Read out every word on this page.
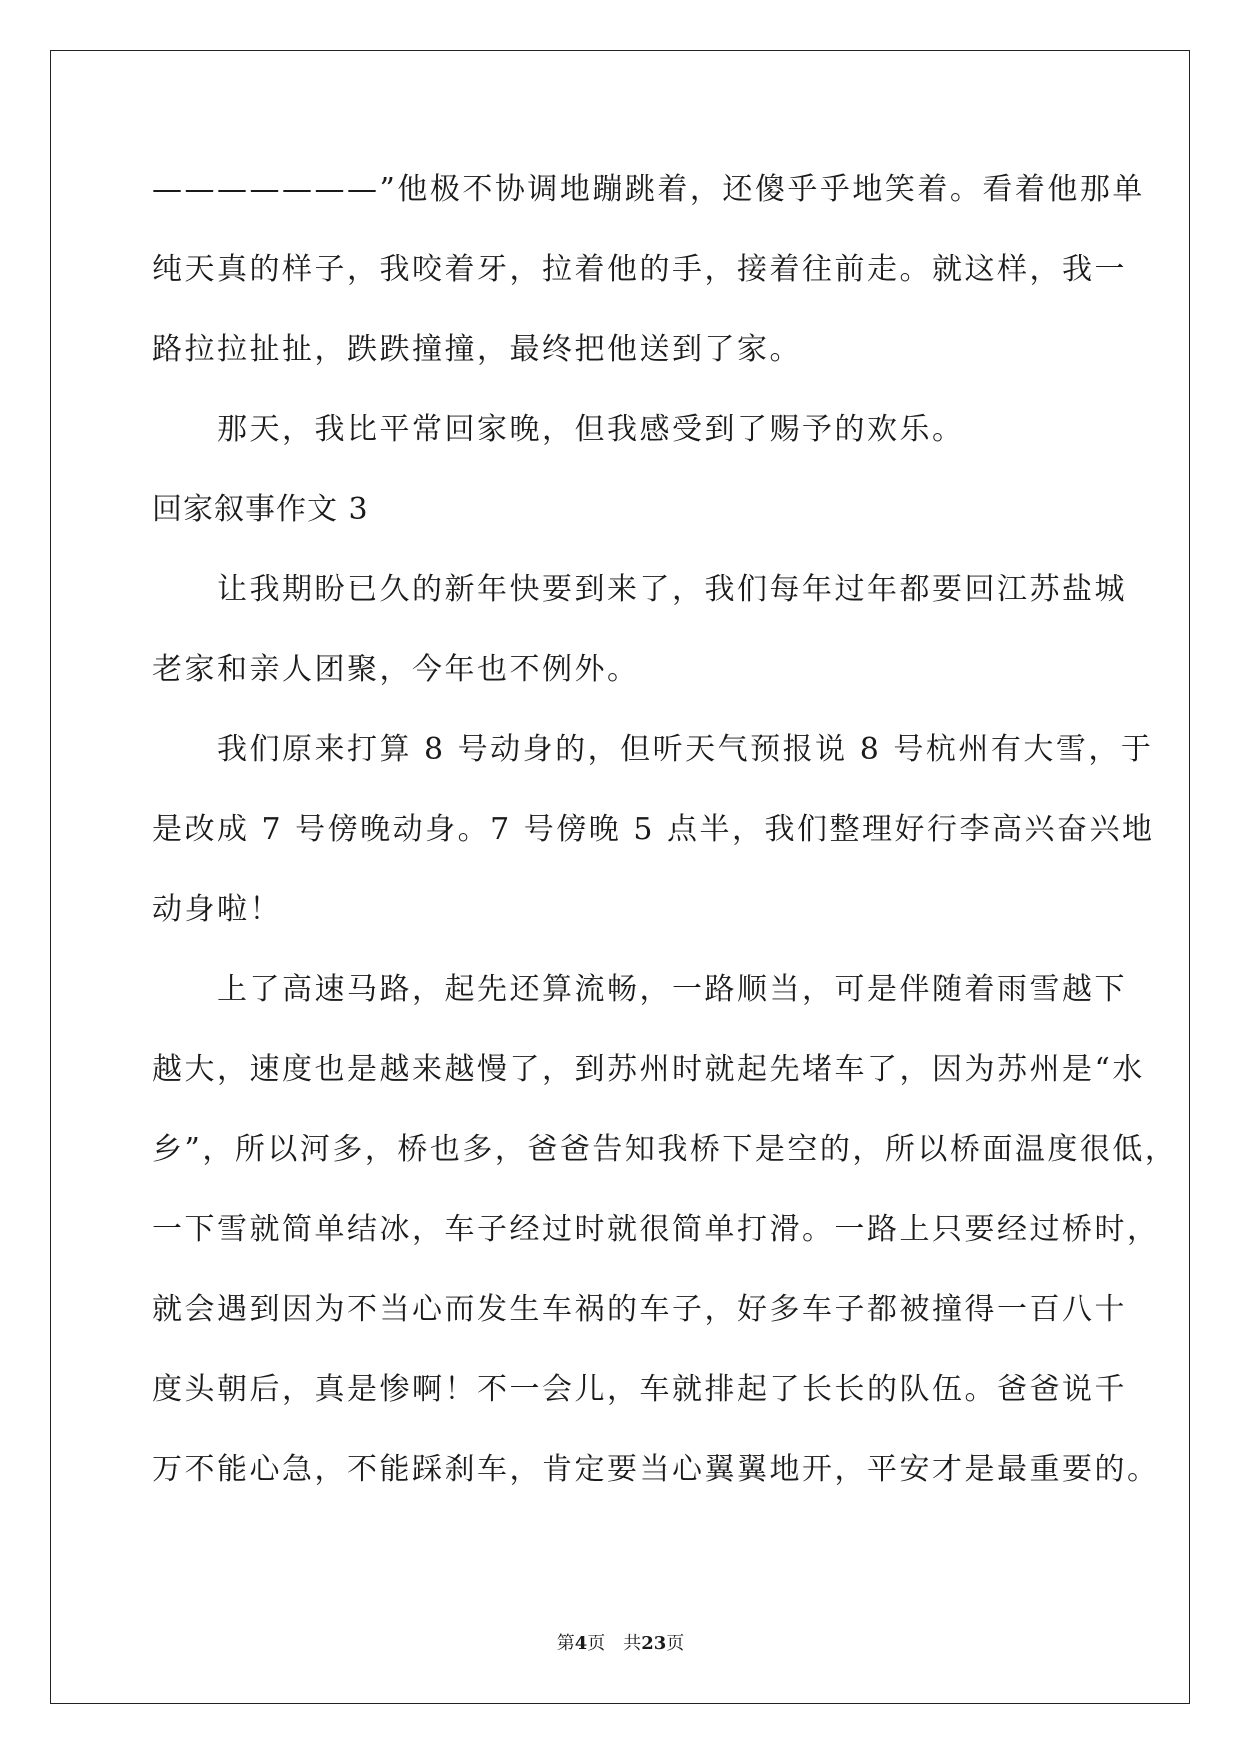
———————”他极不协调地蹦跳着，还傻乎乎地笑着。看着他那单
纯天真的样子，我咬着牙，拉着他的手，接着往前走。就这样，我一
路拉拉扯扯，跌跌撞撞，最终把他送到了家。
　　那天，我比平常回家晚，但我感受到了赐予的欢乐。
回家叙事作文 3
　　让我期盼已久的新年快要到来了，我们每年过年都要回江苏盐城
老家和亲人团聚，今年也不例外。
　　我们原来打算 8 号动身的，但听天气预报说 8 号杭州有大雪，于
是改成 7 号傍晚动身。7 号傍晚 5 点半，我们整理好行李高兴奋兴地
动身啦！
　　上了高速马路，起先还算流畅，一路顺当，可是伴随着雨雪越下
越大，速度也是越来越慢了，到苏州时就起先堵车了，因为苏州是“水
乡”，所以河多，桥也多，爸爸告知我桥下是空的，所以桥面温度很低，
一下雪就简单结冰，车子经过时就很简单打滑。一路上只要经过桥时，
就会遇到因为不当心而发生车祸的车子，好多车子都被撞得一百八十
度头朝后，真是惨啊！不一会儿，车就排起了长长的队伍。爸爸说千
万不能心急，不能踩刹车，肯定要当心翼翼地开，平安才是最重要的。
第4页　共23页
